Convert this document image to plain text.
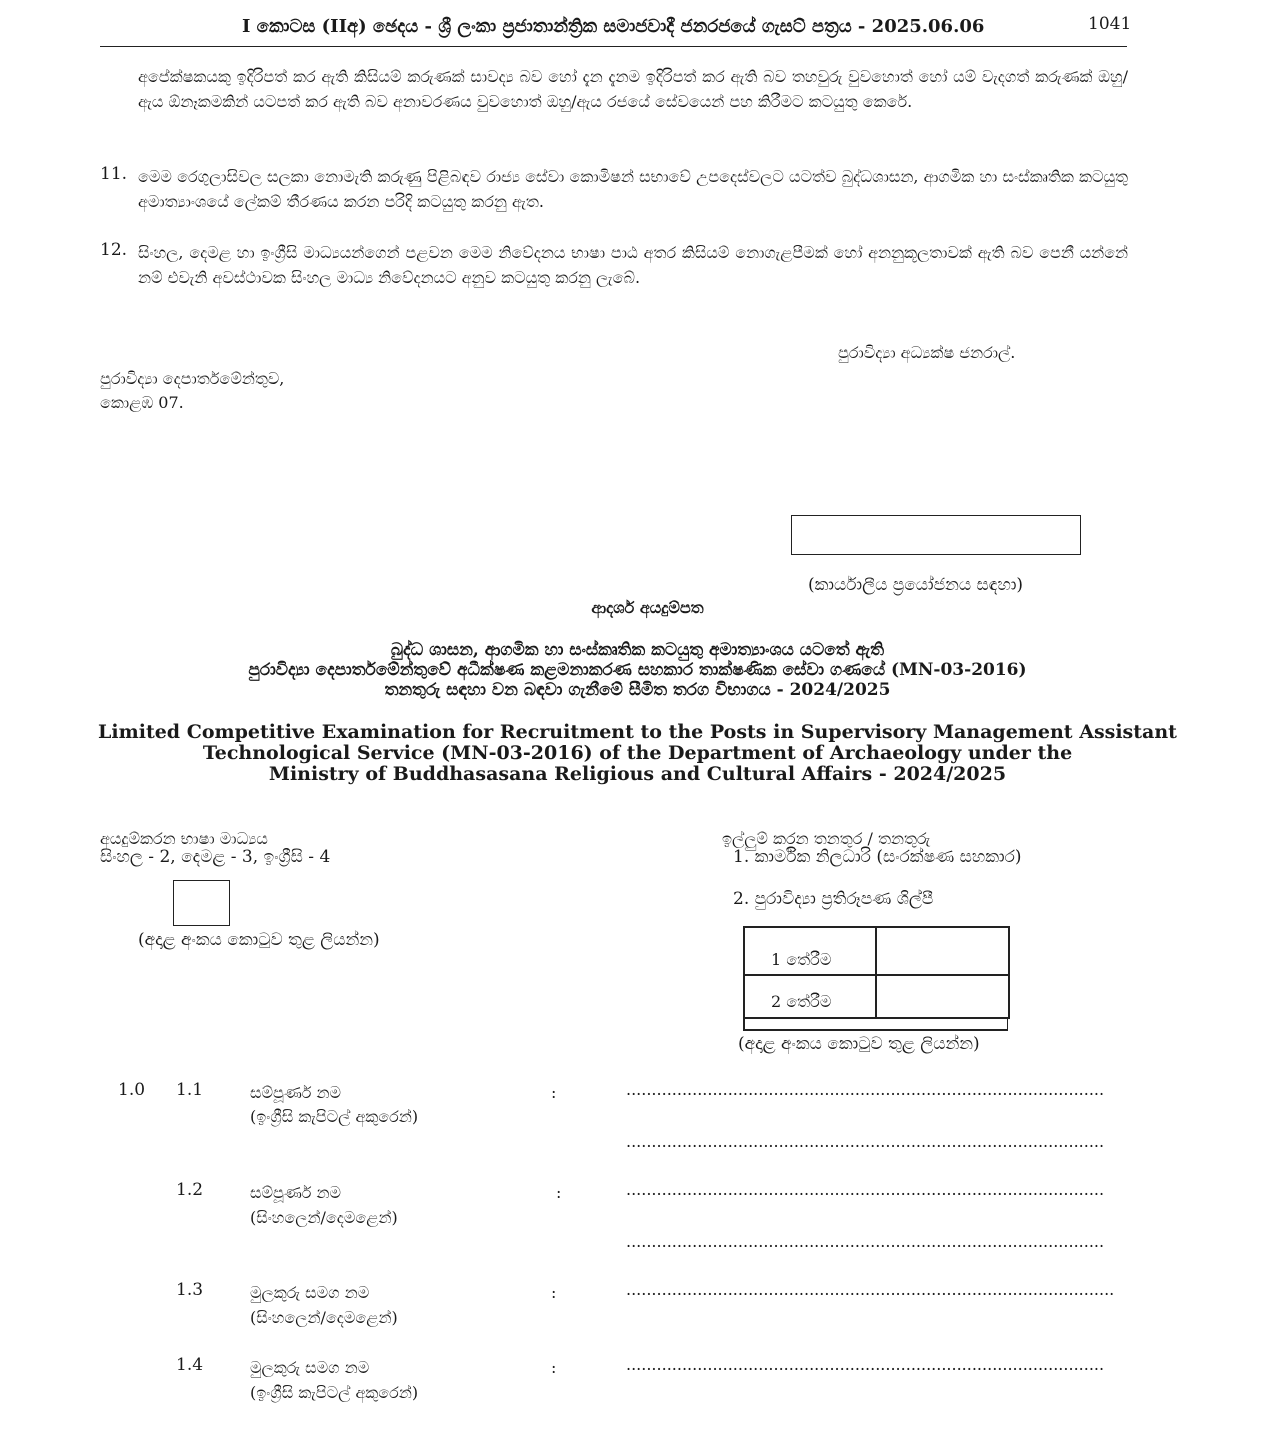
I කොටස (IIඅ) ඡෙදය - ශ්‍රී ලංකා ප්‍රජාතාන්ත්‍රික සමාජවාදී ජනරජයේ ගැසට් පත්‍රය - 2025.06.06	1041
අපේක්ෂකයකු ඉදිරිපත් කර ඇති කිසියම් කරුණක් සාවද්‍ය බව හෝ දැන දැනම ඉදිරිපත් කර ඇති බව තහවුරු වුවහොත් හෝ යම් වැදගත් කරුණක් ඔහු/ඇය ඕනෑකමකින් යටපත් කර ඇති බව අනාවරණය වුවහොත් ඔහු/ඇය රජයේ සේවයෙන් පහ කිරීමට කටයුතු කෙරේ.
11. මෙම රෙගුලාසිවල සලකා නොමැති කරුණු පිළිබඳව රාජ්‍ය සේවා කොමිෂන් සභාවේ උපදෙස්වලට යටත්ව බුද්ධශාසන, ආගමික හා සංස්කෘතික කටයුතු අමාත්‍යාංශයේ ලේකම් තීරණය කරන පරිදි කටයුතු කරනු ඇත.
12. සිංහල, දෙමළ හා ඉංග්‍රීසි මාධ්‍යයන්ගෙන් පළවන මෙම නිවේදනය භාෂා පාඨ අතර කිසියම් නොගැළපීමක් හෝ අනනුකූලතාවක් ඇති බව පෙනී යන්නේ නම් එවැනි අවස්ථාවක සිංහල මාධ්‍ය නිවේදනයට අනුව කටයුතු කරනු ලැබේ.
පුරාවිද්‍යා අධ්‍යක්ෂ ජනරාල්.
පුරාවිද්‍යා දෙපාර්තමේන්තුව,
කොළඹ 07.
(කාර්යාලීය ප්‍රයෝජනය සඳහා)
ආදර්ශ අයදුම්පත
බුද්ධ ශාසන, ආගමික හා සංස්කෘතික කටයුතු අමාත්‍යාංශය යටතේ ඇති
පුරාවිද්‍යා දෙපාර්තමේන්තුවේ අධීක්ෂණ කළමනාකරණ සහකාර තාක්ෂණික සේවා ගණයේ (MN-03-2016)
තනතුරු සඳහා වන බඳවා ගැනීමේ සීමිත තරග විභාගය - 2024/2025
Limited Competitive Examination for Recruitment to the Posts in Supervisory Management Assistant
Technological Service (MN-03-2016) of the Department of Archaeology under the
Ministry of Buddhasasana Religious and Cultural Affairs - 2024/2025
අයදුම්කරන භාෂා මාධ්‍යය
සිංහල - 2, දෙමළ - 3, ඉංග්‍රීසි - 4
(අදාළ අංකය කොටුව තුළ ලියන්න)
ඉල්ලුම් කරන තනතුර / තනතුරු
1. කාර්මික නිලධාරි (සංරක්ෂණ සහකාර)
2. පුරාවිද්‍යා ප්‍රතිරූපණ ශිල්පී
1 තේරීම
2 තේරීම
(අදාළ අංකය කොටුව තුළ ලියන්න)
1.0 1.1	සම්පූර්ණ නම
(ඉංග්‍රීසි කැපිටල් අකුරෙන්)
:	..............................................................................................
..............................................................................................
1.2	සම්පූර්ණ නම
(සිංහලෙන්/දෙමළෙන්)
:	..............................................................................................
..............................................................................................
1.3	මුලකුරු සමග නම
(සිංහලෙන්/දෙමළෙන්)
:	................................................................................................
1.4	මුලකුරු සමග නම
(ඉංග්‍රීසි කැපිටල් අකුරෙන්)
:	..............................................................................................
